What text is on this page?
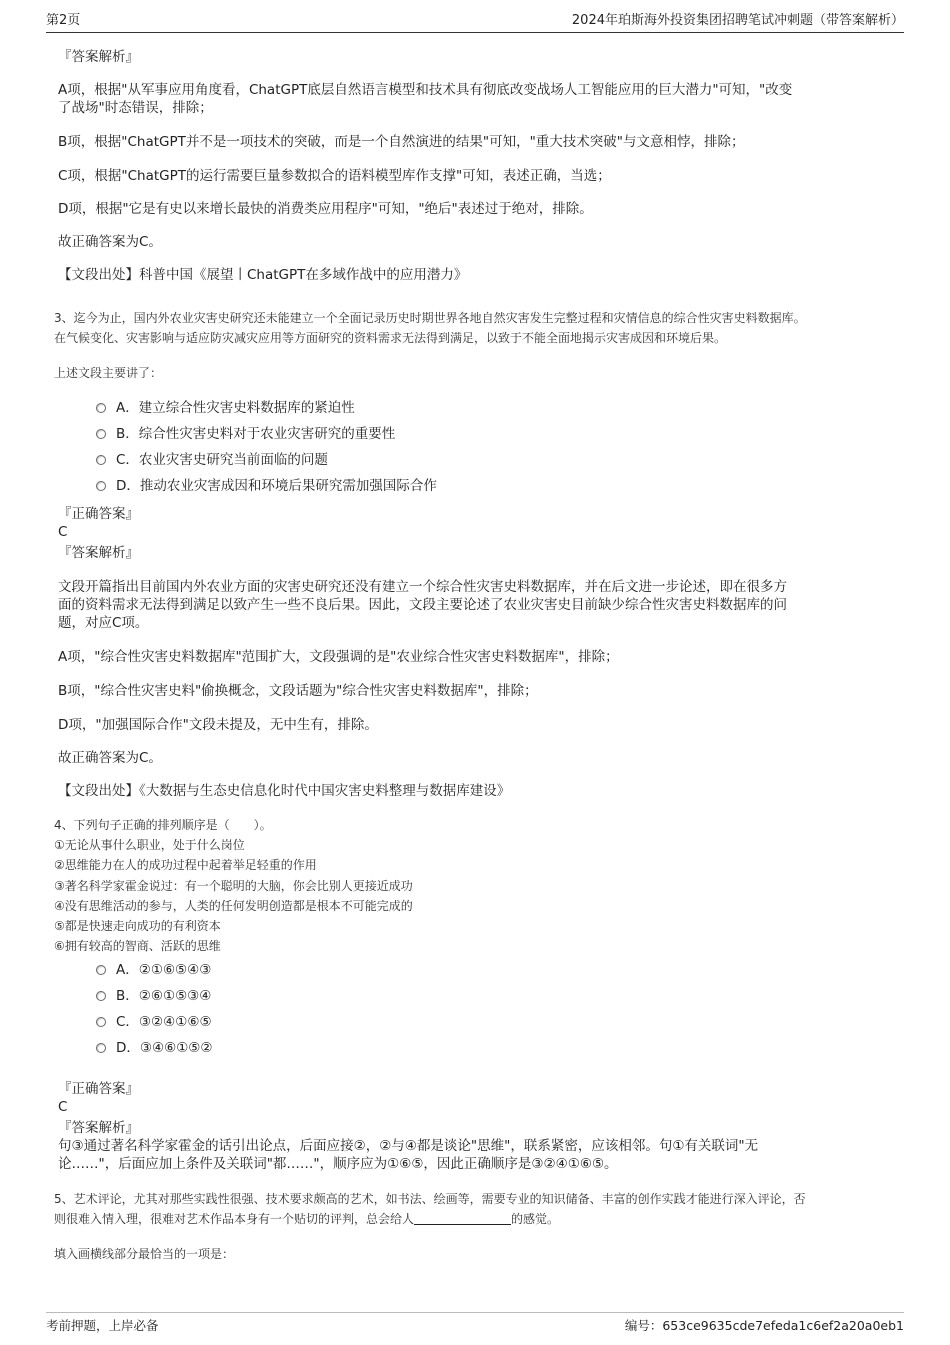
第2页	2024年珀斯海外投资集团招聘笔试冲刺题（带答案解析）

『答案解析』

A项，根据"从军事应用角度看，ChatGPT底层自然语言模型和技术具有彻底改变战场人工智能应用的巨大潜力"可知，"改变

了战场"时态错误，排除；

B项，根据"ChatGPT并不是一项技术的突破，而是一个自然演进的结果"可知，"重大技术突破"与文意相悖，排除；

C项，根据"ChatGPT的运行需要巨量参数拟合的语料模型库作支撑"可知，表述正确，当选；

D项，根据"它是有史以来增长最快的消费类应用程序"可知，"绝后"表述过于绝对，排除。

故正确答案为C。

【文段出处】科普中国《展望丨ChatGPT在多域作战中的应用潜力》

3、迄今为止，国内外农业灾害史研究还未能建立一个全面记录历史时期世界各地自然灾害发生完整过程和灾情信息的综合性灾害史料数据库。

在气候变化、灾害影响与适应防灾减灾应用等方面研究的资料需求无法得到满足，以致于不能全面地揭示灾害成因和环境后果。

上述文段主要讲了：

A．建立综合性灾害史料数据库的紧迫性
B．综合性灾害史料对于农业灾害研究的重要性
C．农业灾害史研究当前面临的问题
D．推动农业灾害成因和环境后果研究需加强国际合作

『正确答案』

C

『答案解析』

文段开篇指出目前国内外农业方面的灾害史研究还没有建立一个综合性灾害史料数据库，并在后文进一步论述，即在很多方

面的资料需求无法得到满足以致产生一些不良后果。因此，文段主要论述了农业灾害史目前缺少综合性灾害史料数据库的问

题，对应C项。

A项，"综合性灾害史料数据库"范围扩大，文段强调的是"农业综合性灾害史料数据库"，排除；

B项，"综合性灾害史料"偷换概念，文段话题为"综合性灾害史料数据库"，排除；

D项，"加强国际合作"文段未提及，无中生有，排除。

故正确答案为C。

【文段出处】《大数据与生态史信息化时代中国灾害史料整理与数据库建设》

4、下列句子正确的排列顺序是（　　）。

①无论从事什么职业，处于什么岗位

②思维能力在人的成功过程中起着举足轻重的作用

③著名科学家霍金说过：有一个聪明的大脑，你会比别人更接近成功

④没有思维活动的参与，人类的任何发明创造都是根本不可能完成的

⑤都是快速走向成功的有利资本

⑥拥有较高的智商、活跃的思维

A．②①⑥⑤④③
B．②⑥①⑤③④
C．③②④①⑥⑤
D．③④⑥①⑤②

『正确答案』

C

『答案解析』

句③通过著名科学家霍金的话引出论点，后面应接②，②与④都是谈论"思维"，联系紧密，应该相邻。句①有关联词"无

论……"，后面应加上条件及关联词"都……"，顺序应为①⑥⑤，因此正确顺序是③②④①⑥⑤。

5、艺术评论，尤其对那些实践性很强、技术要求颇高的艺术，如书法、绘画等，需要专业的知识储备、丰富的创作实践才能进行深入评论，否

则很难入情入理，很难对艺术作品本身有一个贴切的评判，总会给人	的感觉。

填入画横线部分最恰当的一项是：

考前押题，上岸必备	编号：653ce9635cde7efeda1c6ef2a20a0eb1
